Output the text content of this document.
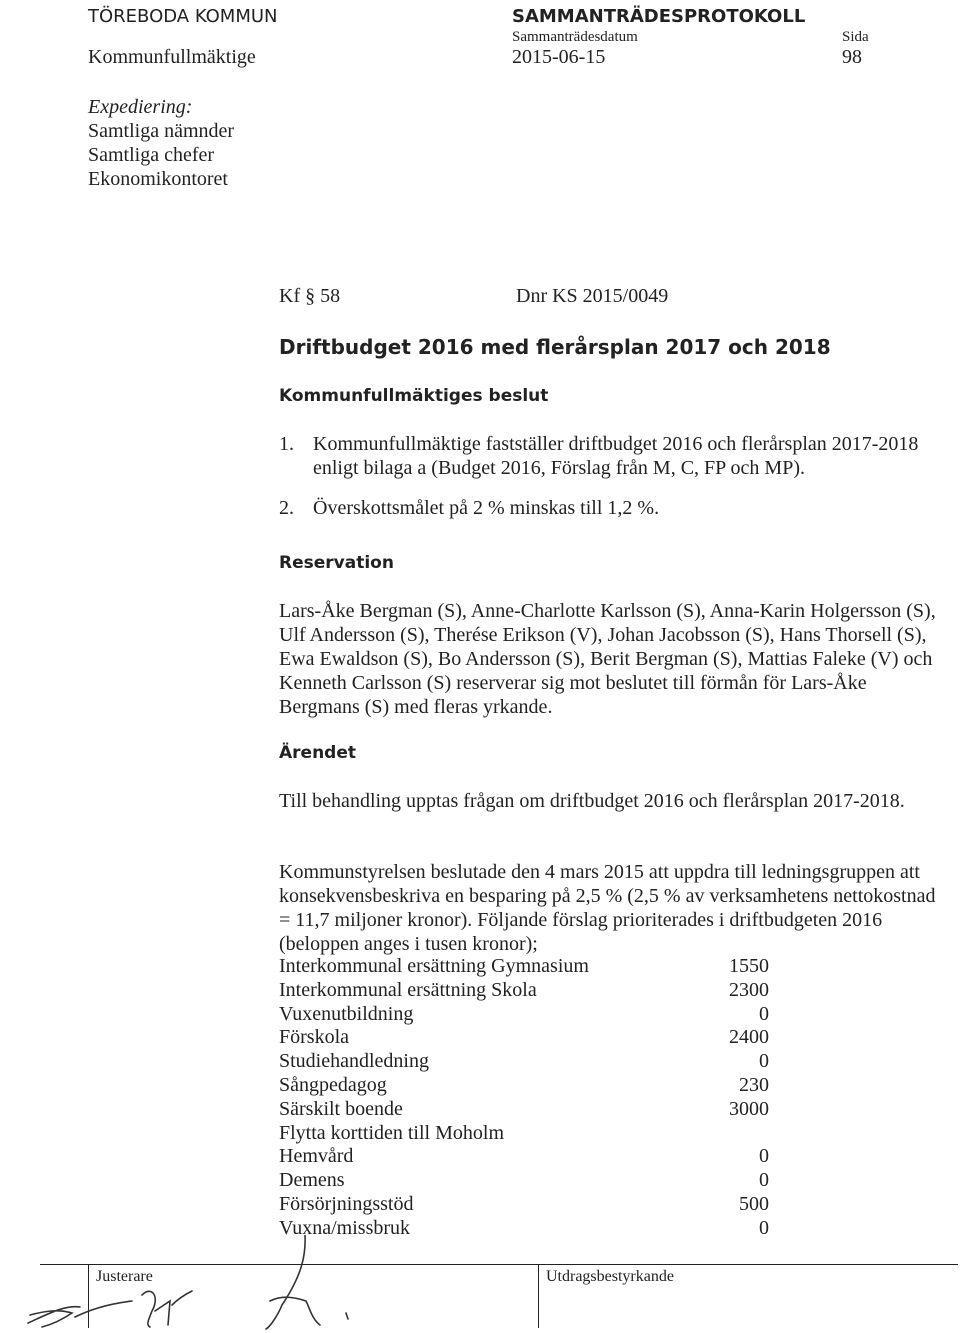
TÖREBODA KOMMUN
Kommunfullmäktige
SAMMANTRÄDESPROTOKOLL
Sammanträdesdatum
2015-06-15
Sida
98
Expediering:
Samtliga nämnder
Samtliga chefer
Ekonomikontoret
Kf § 58	Dnr KS 2015/0049
Driftbudget 2016 med flerårsplan 2017 och 2018
Kommunfullmäktiges beslut
1. Kommunfullmäktige fastställer driftbudget 2016 och flerårsplan 2017-2018 enligt bilaga a (Budget 2016, Förslag från M, C, FP och MP).
2. Överskottsmålet på 2 % minskas till 1,2 %.
Reservation
Lars-Åke Bergman (S), Anne-Charlotte Karlsson (S), Anna-Karin Holgersson (S), Ulf Andersson (S), Therése Erikson (V), Johan Jacobsson (S), Hans Thorsell (S), Ewa Ewaldson (S), Bo Andersson (S), Berit Bergman (S), Mattias Faleke (V) och Kenneth Carlsson (S) reserverar sig mot beslutet till förmån för Lars-Åke Bergmans (S) med fleras yrkande.
Ärendet
Till behandling upptas frågan om driftbudget 2016 och flerårsplan 2017-2018.
Kommunstyrelsen beslutade den 4 mars 2015 att uppdra till ledningsgruppen att konsekvensbeskriva en besparing på 2,5 % (2,5 % av verksamhetens nettokostnad = 11,7 miljoner kronor). Följande förslag prioriterades i driftbudgeten 2016 (beloppen anges i tusen kronor);
Interkommunal ersättning Gymnasium	1550
Interkommunal ersättning Skola	2300
Vuxenutbildning	0
Förskola	2400
Studiehandledning	0
Sångpedagog	230
Särskilt boende	3000
Flytta korttiden till Moholm
Hemvård	0
Demens	0
Försörjningsstöd	500
Vuxna/missbruk	0
Justerare	Utdragsbestyrkande
